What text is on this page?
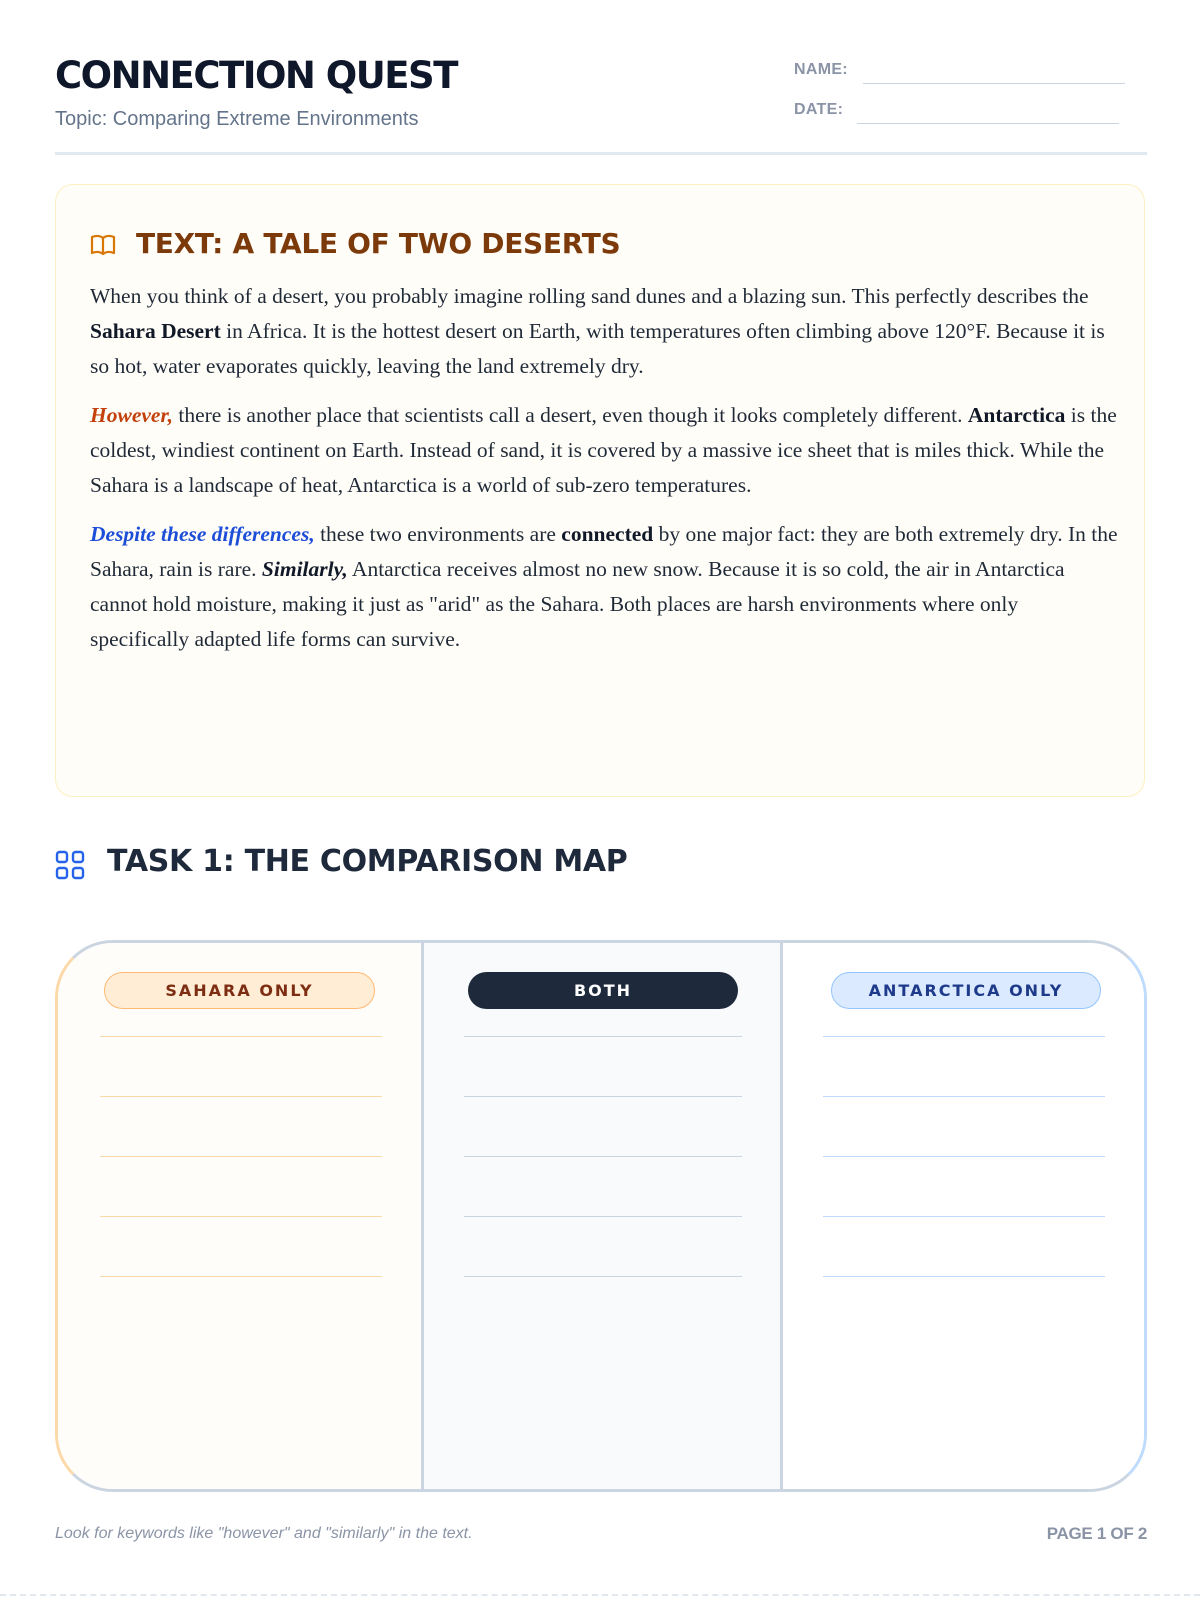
CONNECTION QUEST
Topic: Comparing Extreme Environments
NAME:
DATE:
TEXT: A TALE OF TWO DESERTS

When you think of a desert, you probably imagine rolling sand dunes and a blazing sun. This perfectly describes the Sahara Desert in Africa. It is the hottest desert on Earth, with temperatures often climbing above 120°F. Because it is so hot, water evaporates quickly, leaving the land extremely dry.

However, there is another place that scientists call a desert, even though it looks completely different. Antarctica is the coldest, windiest continent on Earth. Instead of sand, it is covered by a massive ice sheet that is miles thick. While the Sahara is a landscape of heat, Antarctica is a world of sub-zero temperatures.

Despite these differences, these two environments are connected by one major fact: they are both extremely dry. In the Sahara, rain is rare. Similarly, Antarctica receives almost no new snow. Because it is so cold, the air in Antarctica cannot hold moisture, making it just as "arid" as the Sahara. Both places are harsh environments where only specifically adapted life forms can survive.

TASK 1: THE COMPARISON MAP
SAHARA ONLY	BOTH	ANTARCTICA ONLY
Look for keywords like "however" and "similarly" in the text.	PAGE 1 OF 2
